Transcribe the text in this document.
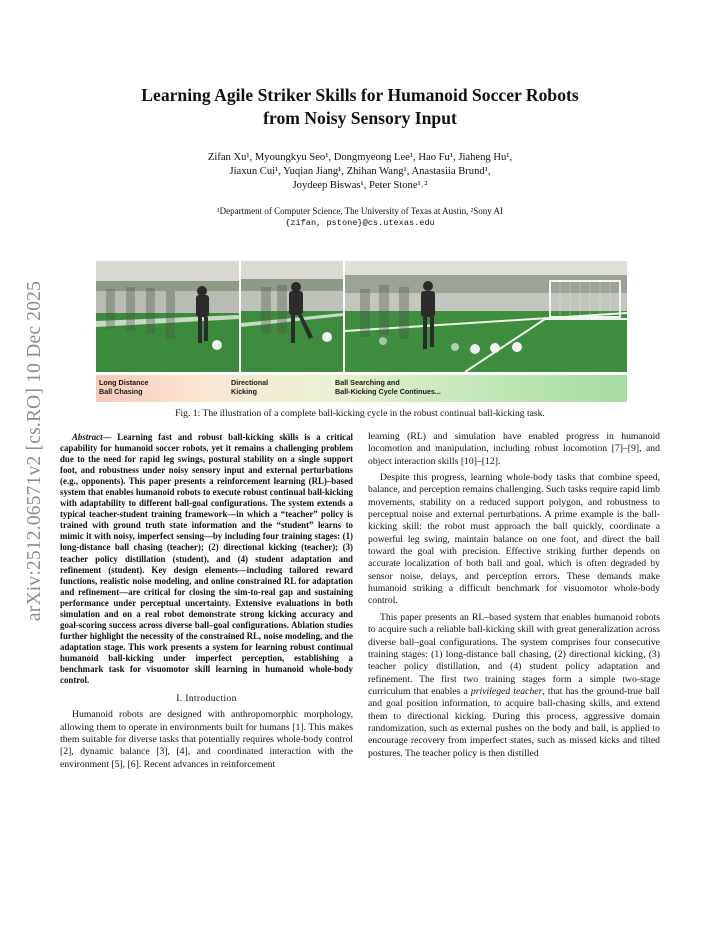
arXiv:2512.06571v2 [cs.RO] 10 Dec 2025
Learning Agile Striker Skills for Humanoid Soccer Robots
from Noisy Sensory Input
Zifan Xu¹, Myoungkyu Seo¹, Dongmyeong Lee¹, Hao Fu¹, Jiaheng Hu¹,
Jiaxun Cui¹, Yuqian Jiang¹, Zhihan Wang¹, Anastasiia Brund¹,
Joydeep Biswas¹, Peter Stone¹˒²
¹Department of Computer Science, The University of Texas at Austin, ²Sony AI
{zifan, pstone}@cs.utexas.edu
Long Distance
Ball Chasing
Directional
Kicking
Ball Searching and
Ball-Kicking Cycle Continues...
Fig. 1: The illustration of a complete ball-kicking cycle in the robust continual ball-kicking task.

Abstract— Learning fast and robust ball-kicking skills is a critical capability for humanoid soccer robots, yet it remains a challenging problem due to the need for rapid leg swings, postural stability on a single support foot, and robustness under noisy sensory input and external perturbations (e.g., opponents). This paper presents a reinforcement learning (RL)–based system that enables humanoid robots to execute robust continual ball-kicking with adaptability to different ball-goal configurations. The system extends a typical teacher-student training framework—in which a “teacher” policy is trained with ground truth state information and the “student” learns to mimic it with noisy, imperfect sensing—by including four training stages: (1) long-distance ball chasing (teacher); (2) directional kicking (teacher); (3) teacher policy distillation (student), and (4) student adaptation and refinement (student). Key design elements—including tailored reward functions, realistic noise modeling, and online constrained RL for adaptation and refinement—are critical for closing the sim-to-real gap and sustaining performance under perceptual uncertainty. Extensive evaluations in both simulation and on a real robot demonstrate strong kicking accuracy and goal-scoring success across diverse ball–goal configurations. Ablation studies further highlight the necessity of the constrained RL, noise modeling, and the adaptation stage. This work presents a system for learning robust continual humanoid ball-kicking under imperfect perception, establishing a benchmark task for visuomotor skill learning in humanoid whole-body control.

I. Introduction

Humanoid robots are designed with anthropomorphic morphology, allowing them to operate in environments built for humans [1]. This makes them suitable for diverse tasks that potentially requires whole-body control [2], dynamic balance [3], [4], and coordinated interaction with the environment [5], [6]. Recent advances in reinforcement

learning (RL) and simulation have enabled progress in humanoid locomotion and manipulation, including robust locomotion [7]–[9], and object interaction skills [10]–[12].

Despite this progress, learning whole-body tasks that combine speed, balance, and perception remains challenging. Such tasks require rapid limb movements, stability on a reduced support polygon, and robustness to perceptual noise and external perturbations. A prime example is the ball-kicking skill: the robot must approach the ball quickly, coordinate a powerful leg swing, maintain balance on one foot, and direct the ball toward the goal with precision. Effective striking further depends on accurate localization of both ball and goal, which is often degraded by sensor noise, delays, and perception errors. These demands make humanoid striking a difficult benchmark for visuomotor whole-body control.

This paper presents an RL–based system that enables humanoid robots to acquire such a reliable ball-kicking skill with great generalization across diverse ball–goal configurations. The system comprises four consecutive training stages: (1) long-distance ball chasing, (2) directional kicking, (3) teacher policy distillation, and (4) student policy adaptation and refinement. The first two training stages form a simple two-stage curriculum that enables a privileged teacher, that has the ground-true ball and goal position information, to acquire ball-chasing skills, and extend them to directional kicking. During this process, aggressive domain randomization, such as external pushes on the body and ball, is applied to encourage recovery from imperfect states, such as missed kicks and tilted postures. The teacher policy is then distilled
